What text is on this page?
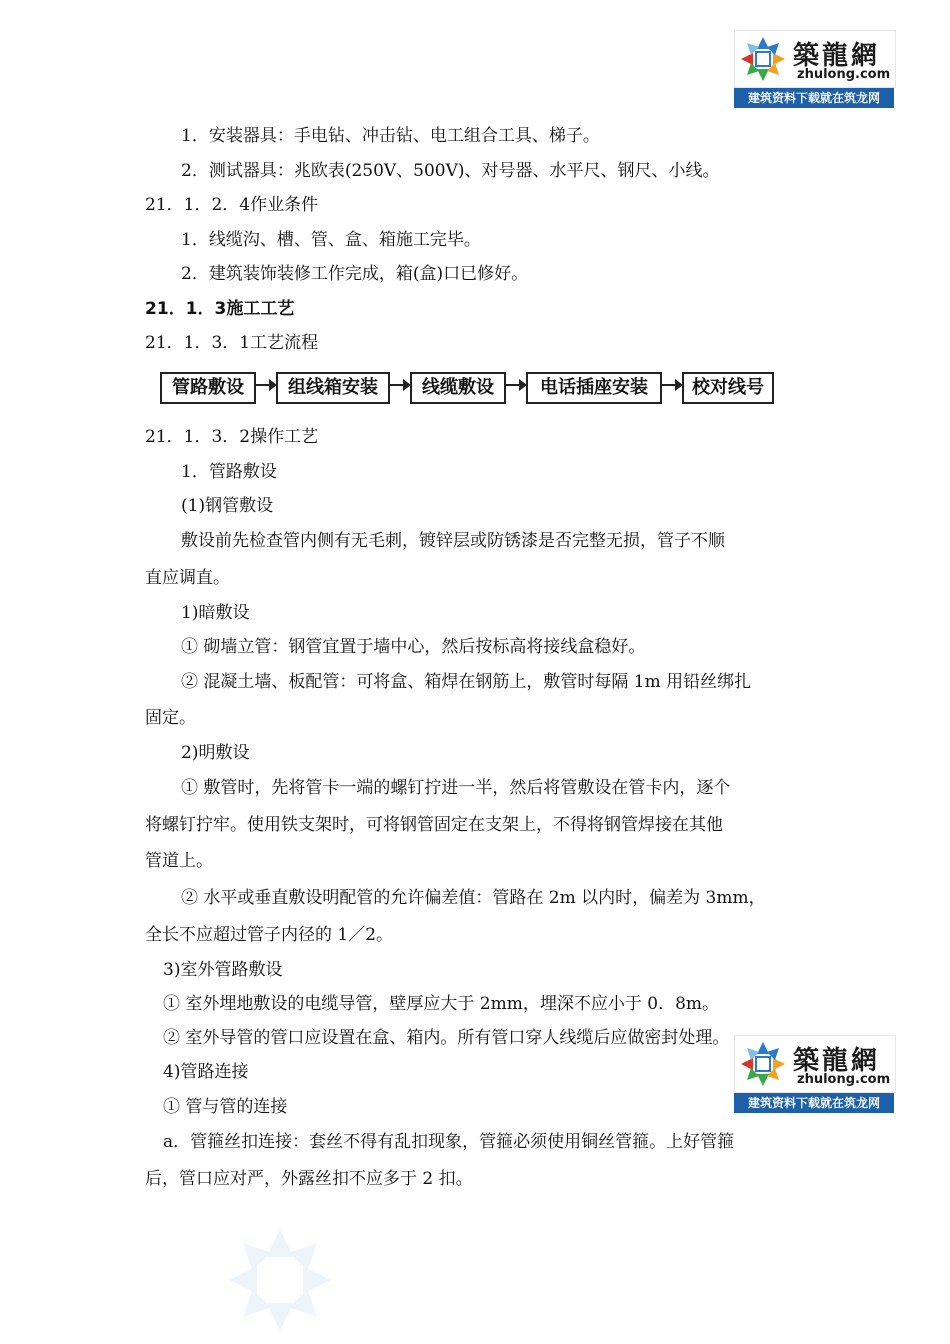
築龍網
zhulong.com
建筑资料下载就在筑龙网
1．安装器具：手电钻、冲击钻、电工组合工具、梯子。
2．测试器具：兆欧表(250V、500V)、对号器、水平尺、钢尺、小线。
21．1．2．4作业条件
1．线缆沟、槽、管、盒、箱施工完毕。
2．建筑装饰装修工作完成，箱(盒)口已修好。
21．1．3施工工艺
21．1．3．1工艺流程
管路敷设	组线箱安装	线缆敷设	电话插座安装	校对线号
21．1．3．2操作工艺
1．管路敷设
(1)钢管敷设
敷设前先检查管内侧有无毛刺，镀锌层或防锈漆是否完整无损，管子不顺
直应调直。
1)暗敷设
① 砌墙立管：钢管宜置于墙中心，然后按标高将接线盒稳好。
② 混凝土墙、板配管：可将盒、箱焊在钢筋上，敷管时每隔 1m 用铅丝绑扎
固定。
2)明敷设
① 敷管时，先将管卡一端的螺钉拧进一半，然后将管敷设在管卡内，逐个
将螺钉拧牢。使用铁支架时，可将钢管固定在支架上，不得将钢管焊接在其他
管道上。
② 水平或垂直敷设明配管的允许偏差值：管路在 2m 以内时，偏差为 3mm，
全长不应超过管子内径的 1／2。
3)室外管路敷设
① 室外埋地敷设的电缆导管，壁厚应大于 2mm，埋深不应小于 0．8m。
② 室外导管的管口应设置在盒、箱内。所有管口穿人线缆后应做密封处理。
4)管路连接
① 管与管的连接
a．管箍丝扣连接：套丝不得有乱扣现象，管箍必须使用铜丝管箍。上好管箍
后，管口应对严，外露丝扣不应多于 2 扣。
築龍網
zhulong.com
建筑资料下载就在筑龙网
